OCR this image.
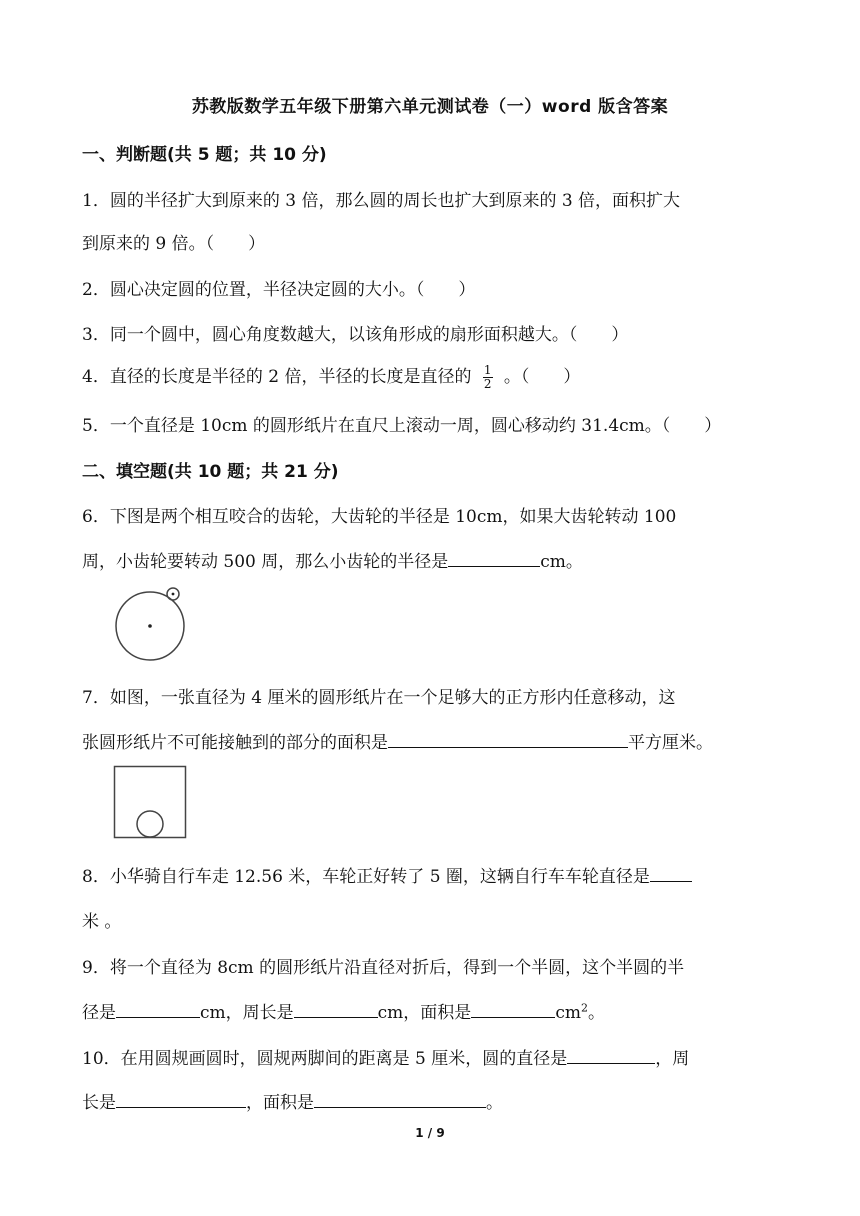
苏教版数学五年级下册第六单元测试卷（一）word 版含答案
一、判断题(共 5 题；共 10 分)
1．圆的半径扩大到原来的 3 倍，那么圆的周长也扩大到原来的 3 倍，面积扩大
到原来的 9 倍。（　　）
2．圆心决定圆的位置，半径决定圆的大小。（　　）
3．同一个圆中，圆心角度数越大，以该角形成的扇形面积越大。（　　）
4．直径的长度是半径的 2 倍，半径的长度是直径的 $\frac{1}{2}$ 。（　　）
5．一个直径是 10cm 的圆形纸片在直尺上滚动一周，圆心移动约 31.4cm。（　　）
二、填空题(共 10 题；共 21 分)
6．下图是两个相互咬合的齿轮，大齿轮的半径是 10cm，如果大齿轮转动 100
周，小齿轮要转动 500 周，那么小齿轮的半径是	cm。
7．如图，一张直径为 4 厘米的圆形纸片在一个足够大的正方形内任意移动，这
张圆形纸片不可能接触到的部分的面积是	平方厘米。
8．小华骑自行车走 12.56 米，车轮正好转了 5 圈，这辆自行车车轮直径是
米 。
9．将一个直径为 8cm 的圆形纸片沿直径对折后，得到一个半圆，这个半圆的半
径是	cm，周长是	cm，面积是	$cm^2$。
10．在用圆规画圆时，圆规两脚间的距离是 5 厘米，圆的直径是	，周
长是	，面积是	。
1 / 9
